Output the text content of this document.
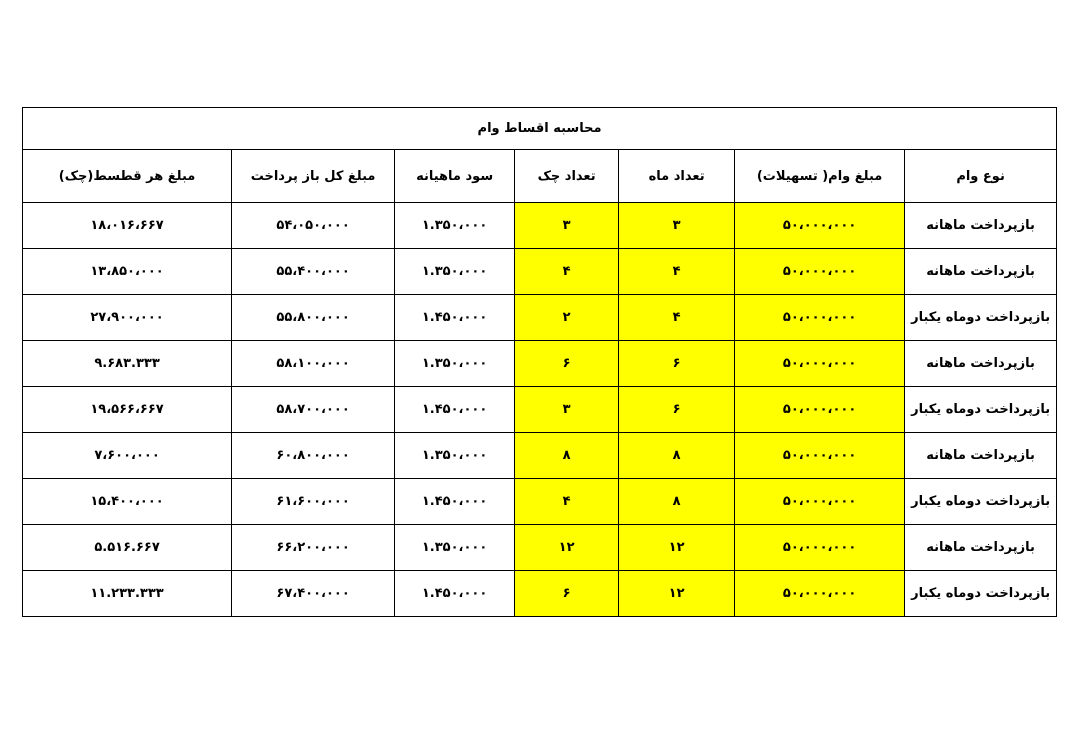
محاسبه اقساط وام						
نوع وام	مبلغ وام( تسهیلات)	تعداد ماه	تعداد چک	سود ماهیانه	مبلغ کل باز پرداخت	مبلغ هر قطسط(چک)
بازپرداخت ماهانه	۵۰،۰۰۰،۰۰۰	۳	۳	۱.۳۵۰،۰۰۰	۵۴،۰۵۰،۰۰۰	۱۸،۰۱۶،۶۶۷
بازپرداخت ماهانه	۵۰،۰۰۰،۰۰۰	۴	۴	۱.۳۵۰،۰۰۰	۵۵،۴۰۰،۰۰۰	۱۳،۸۵۰،۰۰۰
بازپرداخت دوماه یکبار	۵۰،۰۰۰،۰۰۰	۴	۲	۱.۴۵۰،۰۰۰	۵۵،۸۰۰،۰۰۰	۲۷،۹۰۰،۰۰۰
بازپرداخت ماهانه	۵۰،۰۰۰،۰۰۰	۶	۶	۱.۳۵۰،۰۰۰	۵۸،۱۰۰،۰۰۰	۹.۶۸۳.۳۳۳
بازپرداخت دوماه یکبار	۵۰،۰۰۰،۰۰۰	۶	۳	۱.۴۵۰،۰۰۰	۵۸،۷۰۰،۰۰۰	۱۹،۵۶۶،۶۶۷
بازپرداخت ماهانه	۵۰،۰۰۰،۰۰۰	۸	۸	۱.۳۵۰،۰۰۰	۶۰،۸۰۰،۰۰۰	۷،۶۰۰،۰۰۰
بازپرداخت دوماه یکبار	۵۰،۰۰۰،۰۰۰	۸	۴	۱.۴۵۰،۰۰۰	۶۱،۶۰۰،۰۰۰	۱۵،۴۰۰،۰۰۰
بازپرداخت ماهانه	۵۰،۰۰۰،۰۰۰	۱۲	۱۲	۱.۳۵۰،۰۰۰	۶۶،۲۰۰،۰۰۰	۵.۵۱۶.۶۶۷
بازپرداخت دوماه یکبار	۵۰،۰۰۰،۰۰۰	۱۲	۶	۱.۴۵۰،۰۰۰	۶۷،۴۰۰،۰۰۰	۱۱.۲۳۳.۳۳۳
